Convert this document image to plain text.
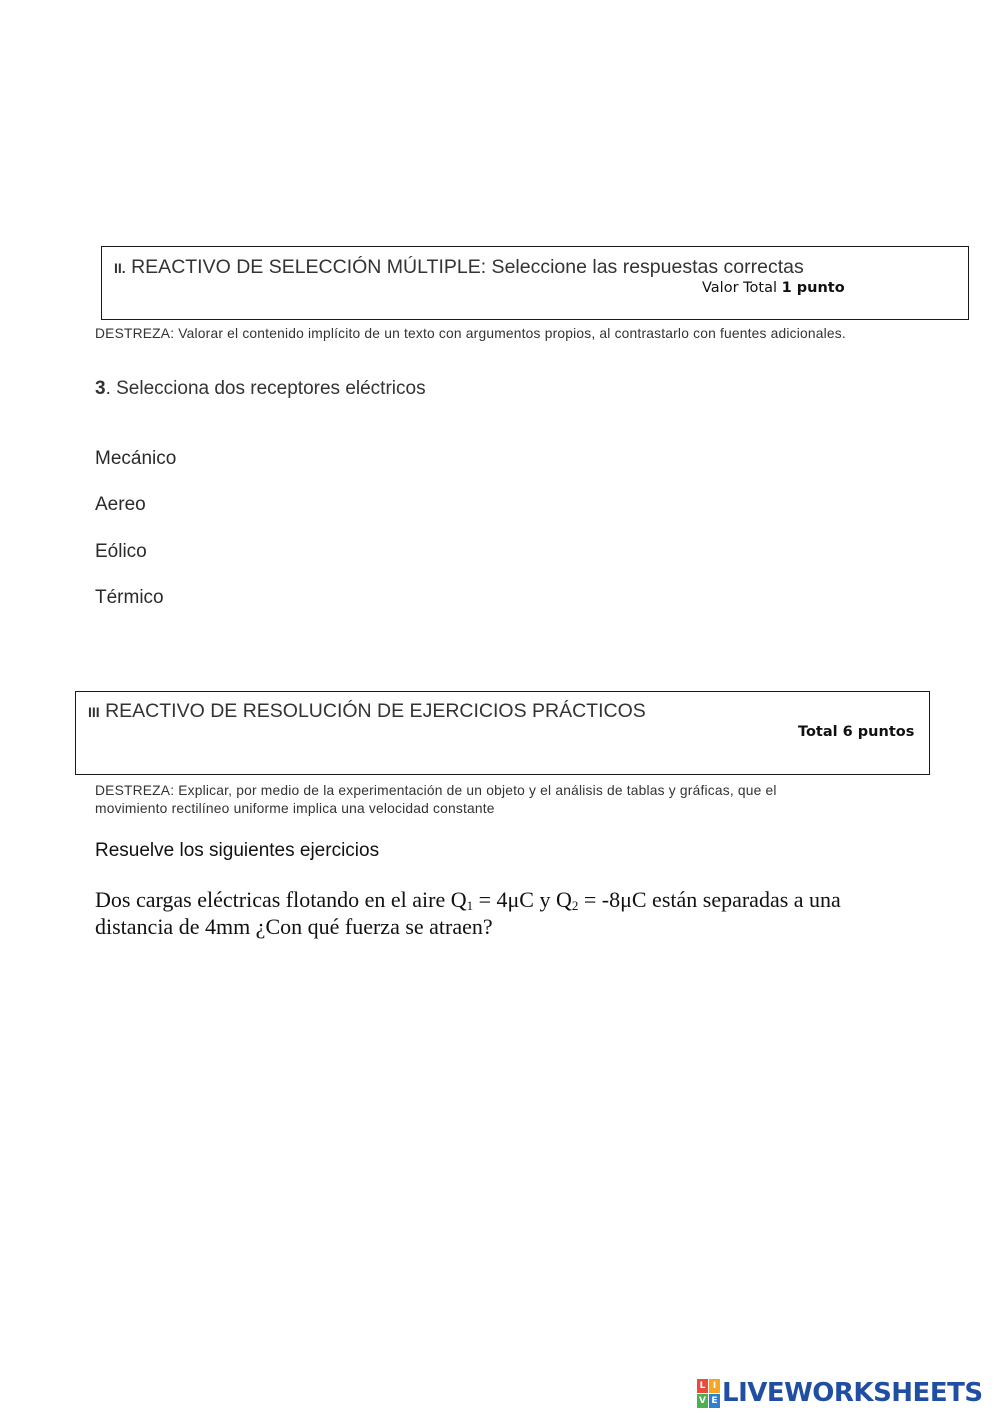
II. REACTIVO DE SELECCIÓN MÚLTIPLE: Seleccione las respuestas correctas
Valor Total 1 punto
DESTREZA: Valorar el contenido implícito de un texto con argumentos propios, al contrastarlo con fuentes adicionales.
3. Selecciona dos receptores eléctricos
Mecánico
Aereo
Eólico
Térmico
III REACTIVO DE RESOLUCIÓN DE EJERCICIOS PRÁCTICOS
Total 6 puntos
DESTREZA: Explicar, por medio de la experimentación de un objeto y el análisis de tablas y gráficas, que el
movimiento rectilíneo uniforme implica una velocidad constante
Resuelve los siguientes ejercicios
Dos cargas eléctricas flotando en el aire $Q_1 = 4\mu C$ y $Q_2 = -8\mu C$ están separadas a una distancia de 4mm ¿Con qué fuerza se atraen?
L I
V E LIVEWORKSHEETS
